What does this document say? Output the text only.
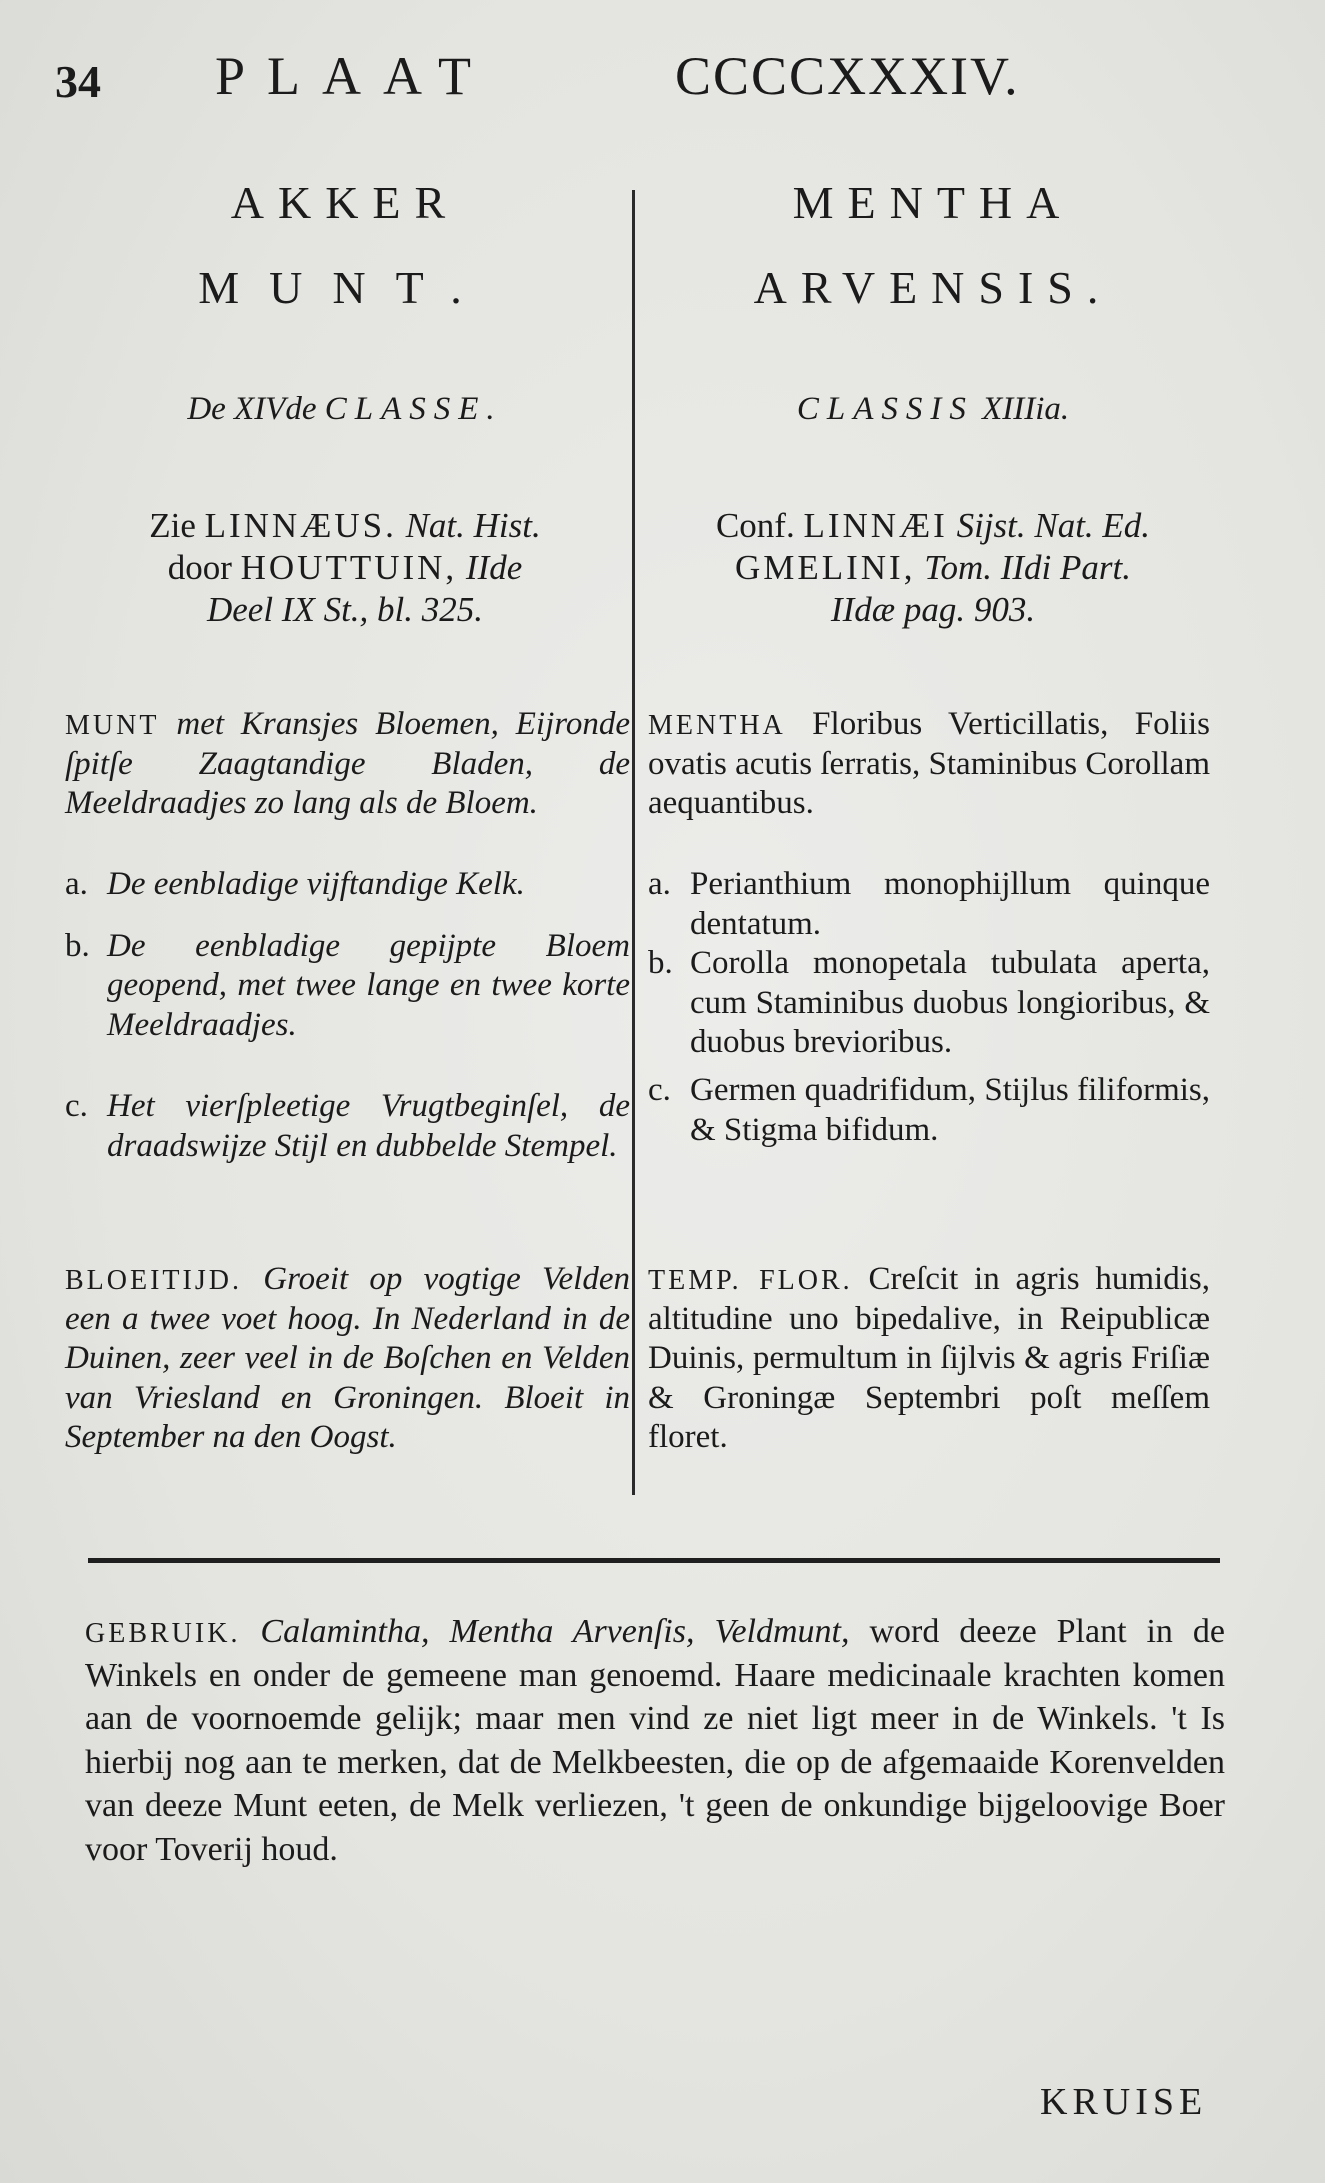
34 PLAAT	CCCCXXXIV.
AKKER
MUNT.
De XIVde CLASSE.
Zie LINNÆUS. Nat. Hist.
door HOUTTUIN, IIde
Deel IX St., bl. 325.
MUNT met Kransjes Bloemen, Eijronde ſpitſe Zaagtandige Bladen, de Meeldraadjes zo lang als de Bloem.
a. De eenbladige vijftandige Kelk.
b. De eenbladige gepijpte Bloem geopend, met twee lange en twee korte Meeldraadjes.
c. Het vierſpleetige Vrugtbeginſel, de draadswijze Stijl en dubbelde Stempel.
BLOEITIJD. Groeit op vogtige Velden een a twee voet hoog. In Nederland in de Duinen, zeer veel in de Boſchen en Velden van Vriesland en Groningen. Bloeit in September na den Oogst.
MENTHA
ARVENSIS.
CLASSIS XIIIia.
Conf. LINNÆI Sijst. Nat. Ed.
GMELINI, Tom. IIdi Part.
IIdæ pag. 903.
MENTHA Floribus Verticillatis, Foliis ovatis acutis ſerratis, Staminibus Corollam aequantibus.
a. Perianthium monophijllum quinque dentatum.
b. Corolla monopetala tubulata aperta, cum Staminibus duobus longioribus, & duobus brevioribus.
c. Germen quadrifidum, Stijlus filiformis, & Stigma bifidum.
TEMP. FLOR. Creſcit in agris humidis, altitudine uno bipedalive, in Reipublicæ Duinis, permultum in ſijlvis & agris Friſiæ & Groningæ Septembri poſt meſſem floret.
GEBRUIK. Calamintha, Mentha Arvenſis, Veldmunt, word deeze Plant in de Winkels en onder de gemeene man genoemd. Haare medicinaale krachten komen aan de voornoemde gelijk; maar men vind ze niet ligt meer in de Winkels. 't Is hierbij nog aan te merken, dat de Melkbeesten, die op de afgemaaide Korenvelden van deeze Munt eeten, de Melk verliezen, 't geen de onkundige bijgeloovige Boer voor Toverij houd.
KRUISE
